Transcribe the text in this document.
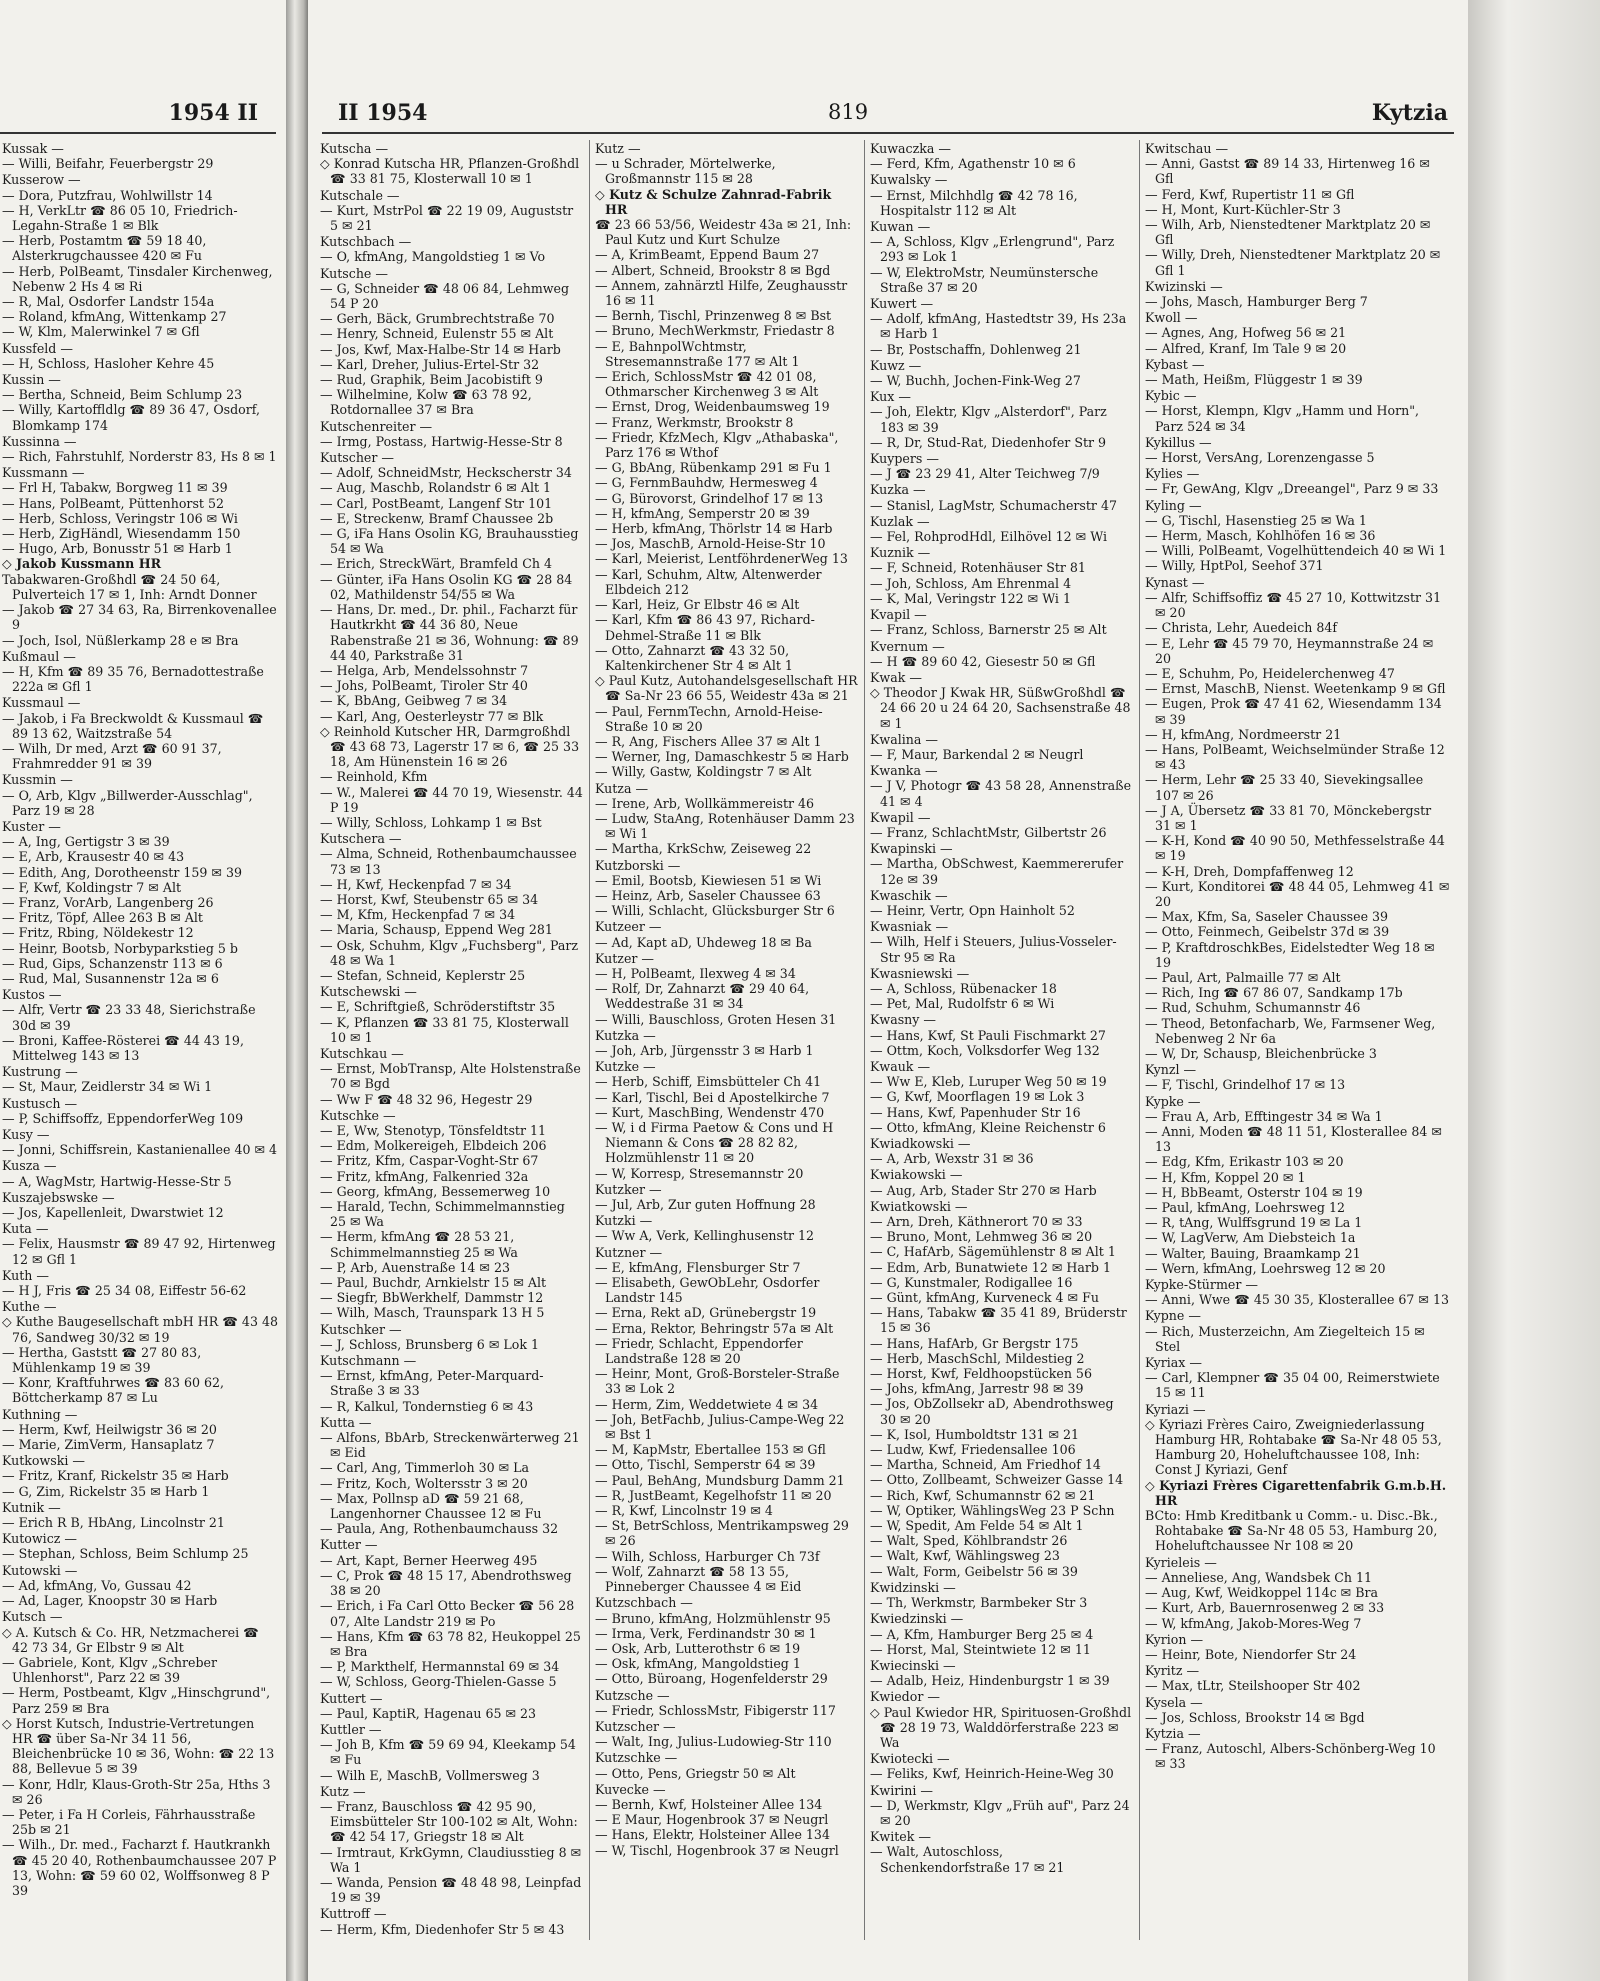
1954 II

Kussak —

— Willi, Beifahr, Feuerbergstr 29

Kusserow —

— Dora, Putzfrau, Wohlwillstr 14

— H, VerkLtr ☎ 86 05 10, Friedrich-Legahn-Straße 1 ✉ Blk

— Herb, Postamtm ☎ 59 18 40, Alsterkrugchaussee 420 ✉ Fu

— Herb, PolBeamt, Tinsdaler Kirchenweg, Nebenw 2 Hs 4 ✉ Ri

— R, Mal, Osdorfer Landstr 154a

— Roland, kfmAng, Wittenkamp 27

— W, Klm, Malerwinkel 7 ✉ Gfl

Kussfeld —

— H, Schloss, Hasloher Kehre 45

Kussin —

— Bertha, Schneid, Beim Schlump 23

— Willy, Kartoffldlg ☎ 89 36 47, Osdorf, Blomkamp 174

Kussinna —

— Rich, Fahrstuhlf, Norderstr 83, Hs 8 ✉ 1

Kussmann —

— Frl H, Tabakw, Borgweg 11 ✉ 39

— Hans, PolBeamt, Püttenhorst 52

— Herb, Schloss, Veringstr 106 ✉ Wi

— Herb, ZigHändl, Wiesendamm 150

— Hugo, Arb, Bonusstr 51 ✉ Harb 1

◇ Jakob Kussmann HR

Tabakwaren-Großhdl ☎ 24 50 64, Pulverteich 17 ✉ 1, Inh: Arndt Donner

— Jakob ☎ 27 34 63, Ra, Birrenkovenallee 9

— Joch, Isol, Nüßlerkamp 28 e ✉ Bra

Kußmaul —

— H, Kfm ☎ 89 35 76, Bernadottestraße 222a ✉ Gfl 1

Kussmaul —

— Jakob, i Fa Breckwoldt & Kussmaul ☎ 89 13 62, Waitzstraße 54

— Wilh, Dr med, Arzt ☎ 60 91 37, Frahmredder 91 ✉ 39

Kussmin —

— O, Arb, Klgv „Billwerder-Ausschlag", Parz 19 ✉ 28

Kuster —

— A, Ing, Gertigstr 3 ✉ 39

— E, Arb, Krausestr 40 ✉ 43

— Edith, Ang, Dorotheenstr 159 ✉ 39

— F, Kwf, Koldingstr 7 ✉ Alt

— Franz, VorArb, Langenberg 26

— Fritz, Töpf, Allee 263 B ✉ Alt

— Fritz, Rbing, Nöldekestr 12

— Heinr, Bootsb, Norbyparkstieg 5 b

— Rud, Gips, Schanzenstr 113 ✉ 6

— Rud, Mal, Susannenstr 12a ✉ 6

Kustos —

— Alfr, Vertr ☎ 23 33 48, Sierichstraße 30d ✉ 39

— Broni, Kaffee-Rösterei ☎ 44 43 19, Mittelweg 143 ✉ 13

Kustrung —

— St, Maur, Zeidlerstr 34 ✉ Wi 1

Kustusch —

— P, Schiffsoffz, EppendorferWeg 109

Kusy —

— Jonni, Schiffsrein, Kastanienallee 40 ✉ 4

Kusza —

— A, WagMstr, Hartwig-Hesse-Str 5

Kuszajebswske —

— Jos, Kapellenleit, Dwarstwiet 12

Kuta —

— Felix, Hausmstr ☎ 89 47 92, Hirtenweg 12 ✉ Gfl 1

Kuth —

— H J, Fris ☎ 25 34 08, Eiffestr 56-62

Kuthe —

◇ Kuthe Baugesellschaft mbH HR ☎ 43 48 76, Sandweg 30/32 ✉ 19

— Hertha, Gaststt ☎ 27 80 83, Mühlenkamp 19 ✉ 39

— Konr, Kraftfuhrwes ☎ 83 60 62, Böttcherkamp 87 ✉ Lu

Kuthning —

— Herm, Kwf, Heilwigstr 36 ✉ 20

— Marie, ZimVerm, Hansaplatz 7

Kutkowski —

— Fritz, Kranf, Rickelstr 35 ✉ Harb

— G, Zim, Rickelstr 35 ✉ Harb 1

Kutnik —

— Erich R B, HbAng, Lincolnstr 21

Kutowicz —

— Stephan, Schloss, Beim Schlump 25

Kutowski —

— Ad, kfmAng, Vo, Gussau 42

— Ad, Lager, Knoopstr 30 ✉ Harb

Kutsch —

◇ A. Kutsch & Co. HR, Netzmacherei ☎ 42 73 34, Gr Elbstr 9 ✉ Alt

— Gabriele, Kont, Klgv „Schreber Uhlenhorst", Parz 22 ✉ 39

— Herm, Postbeamt, Klgv „Hinschgrund", Parz 259 ✉ Bra

◇ Horst Kutsch, Industrie-Vertretungen HR ☎ über Sa-Nr 34 11 56, Bleichenbrücke 10 ✉ 36, Wohn: ☎ 22 13 88, Bellevue 5 ✉ 39

— Konr, Hdlr, Klaus-Groth-Str 25a, Hths 3 ✉ 26

— Peter, i Fa H Corleis, Fährhausstraße 25b ✉ 21

— Wilh., Dr. med., Facharzt f. Hautkrankh ☎ 45 20 40, Rothenbaumchaussee 207 P 13, Wohn: ☎ 59 60 02, Wolffsonweg 8 P 39

II 1954	819	Kytzia

Kutscha —

◇ Konrad Kutscha HR, Pflanzen-Großhdl ☎ 33 81 75, Klosterwall 10 ✉ 1

Kutschale —

— Kurt, MstrPol ☎ 22 19 09, Auguststr 5 ✉ 21

Kutschbach —

— O, kfmAng, Mangoldstieg 1 ✉ Vo

Kutsche —

— G, Schneider ☎ 48 06 84, Lehmweg 54 P 20

— Gerh, Bäck, Grumbrechtstraße 70

— Henry, Schneid, Eulenstr 55 ✉ Alt

— Jos, Kwf, Max-Halbe-Str 14 ✉ Harb

— Karl, Dreher, Julius-Ertel-Str 32

— Rud, Graphik, Beim Jacobistift 9

— Wilhelmine, Kolw ☎ 63 78 92, Rotdornallee 37 ✉ Bra

Kutschenreiter —

— Irmg, Postass, Hartwig-Hesse-Str 8

Kutscher —

— Adolf, SchneidMstr, Heckscherstr 34

— Aug, Maschb, Rolandstr 6 ✉ Alt 1

— Carl, PostBeamt, Langenf Str 101

— E, Streckenw, Bramf Chaussee 2b

— G, iFa Hans Osolin KG, Brauhausstieg 54 ✉ Wa

— Erich, StreckWärt, Bramfeld Ch 4

— Günter, iFa Hans Osolin KG ☎ 28 84 02, Mathildenstr 54/55 ✉ Wa

— Hans, Dr. med., Dr. phil., Facharzt für Hautkrkht ☎ 44 36 80, Neue Rabenstraße 21 ✉ 36, Wohnung: ☎ 89 44 40, Parkstraße 31

— Helga, Arb, Mendelssohnstr 7

— Johs, PolBeamt, Tiroler Str 40

— K, BbAng, Geibweg 7 ✉ 34

— Karl, Ang, Oesterleystr 77 ✉ Blk

◇ Reinhold Kutscher HR, Darmgroßhdl ☎ 43 68 73, Lagerstr 17 ✉ 6, ☎ 25 33 18, Am Hünenstein 16 ✉ 26

— Reinhold, Kfm

— W., Malerei ☎ 44 70 19, Wiesenstr. 44 P 19

— Willy, Schloss, Lohkamp 1 ✉ Bst

Kutschera —

— Alma, Schneid, Rothenbaumchaussee 73 ✉ 13

— H, Kwf, Heckenpfad 7 ✉ 34

— Horst, Kwf, Steubenstr 65 ✉ 34

— M, Kfm, Heckenpfad 7 ✉ 34

— Maria, Schausp, Eppend Weg 281

— Osk, Schuhm, Klgv „Fuchsberg", Parz 48 ✉ Wa 1

— Stefan, Schneid, Keplerstr 25

Kutschewski —

— E, Schriftgieß, Schröderstiftstr 35

— K, Pflanzen ☎ 33 81 75, Klosterwall 10 ✉ 1

Kutschkau —

— Ernst, MobTransp, Alte Holstenstraße 70 ✉ Bgd

— Ww F ☎ 48 32 96, Hegestr 29

Kutschke —

— E, Ww, Stenotyp, Tönsfeldtstr 11

— Edm, Molkereigeh, Elbdeich 206

— Fritz, Kfm, Caspar-Voght-Str 67

— Fritz, kfmAng, Falkenried 32a

— Georg, kfmAng, Bessemerweg 10

— Harald, Techn, Schimmelmannstieg 25 ✉ Wa

— Herm, kfmAng ☎ 28 53 21, Schimmelmannstieg 25 ✉ Wa

— P, Arb, Auenstraße 14 ✉ 23

— Paul, Buchdr, Arnkielstr 15 ✉ Alt

— Siegfr, BbWerkhelf, Dammstr 12

— Wilh, Masch, Traunspark 13 H 5

Kutschker —

— J, Schloss, Brunsberg 6 ✉ Lok 1

Kutschmann —

— Ernst, kfmAng, Peter-Marquard-Straße 3 ✉ 33

— R, Kalkul, Tondernstieg 6 ✉ 43

Kutta —

— Alfons, BbArb, Streckenwärterweg 21 ✉ Eid

— Carl, Ang, Timmerloh 30 ✉ La

— Fritz, Koch, Woltersstr 3 ✉ 20

— Max, Pollnsp aD ☎ 59 21 68, Langenhorner Chaussee 12 ✉ Fu

— Paula, Ang, Rothenbaumchauss 32

Kutter —

— Art, Kapt, Berner Heerweg 495

— C, Prok ☎ 48 15 17, Abendrothsweg 38 ✉ 20

— Erich, i Fa Carl Otto Becker ☎ 56 28 07, Alte Landstr 219 ✉ Po

— Hans, Kfm ☎ 63 78 82, Heukoppel 25 ✉ Bra

— P, Markthelf, Hermannstal 69 ✉ 34

— W, Schloss, Georg-Thielen-Gasse 5

Kuttert —

— Paul, KaptiR, Hagenau 65 ✉ 23

Kuttler —

— Joh B, Kfm ☎ 59 69 94, Kleekamp 54 ✉ Fu

— Wilh E, MaschB, Vollmersweg 3

Kutz —

— Franz, Bauschloss ☎ 42 95 90, Eimsbütteler Str 100-102 ✉ Alt, Wohn: ☎ 42 54 17, Griegstr 18 ✉ Alt

— Irmtraut, KrkGymn, Claudiusstieg 8 ✉ Wa 1

— Wanda, Pension ☎ 48 48 98, Leinpfad 19 ✉ 39

Kuttroff —

— Herm, Kfm, Diedenhofer Str 5 ✉ 43

Kutz —

— u Schrader, Mörtelwerke, Großmannstr 115 ✉ 28

◇ Kutz & Schulze Zahnrad-Fabrik HR

☎ 23 66 53/56, Weidestr 43a ✉ 21, Inh: Paul Kutz und Kurt Schulze

— A, KrimBeamt, Eppend Baum 27

— Albert, Schneid, Brookstr 8 ✉ Bgd

— Annem, zahnärztl Hilfe, Zeughausstr 16 ✉ 11

— Bernh, Tischl, Prinzenweg 8 ✉ Bst

— Bruno, MechWerkmstr, Friedastr 8

— E, BahnpolWchtmstr, Stresemannstraße 177 ✉ Alt 1

— Erich, SchlossMstr ☎ 42 01 08, Othmarscher Kirchenweg 3 ✉ Alt

— Ernst, Drog, Weidenbaumsweg 19

— Franz, Werkmstr, Brookstr 8

— Friedr, KfzMech, Klgv „Athabaska", Parz 176 ✉ Wthof

— G, BbAng, Rübenkamp 291 ✉ Fu 1

— G, FernmBauhdw, Hermesweg 4

— G, Bürovorst, Grindelhof 17 ✉ 13

— H, kfmAng, Semperstr 20 ✉ 39

— Herb, kfmAng, Thörlstr 14 ✉ Harb

— Jos, MaschB, Arnold-Heise-Str 10

— Karl, Meierist, LentföhrdenerWeg 13

— Karl, Schuhm, Altw, Altenwerder Elbdeich 212

— Karl, Heiz, Gr Elbstr 46 ✉ Alt

— Karl, Kfm ☎ 86 43 97, Richard-Dehmel-Straße 11 ✉ Blk

— Otto, Zahnarzt ☎ 43 32 50, Kaltenkirchener Str 4 ✉ Alt 1

◇ Paul Kutz, Autohandelsgesellschaft HR ☎ Sa-Nr 23 66 55, Weidestr 43a ✉ 21

— Paul, FernmTechn, Arnold-Heise-Straße 10 ✉ 20

— R, Ang, Fischers Allee 37 ✉ Alt 1

— Werner, Ing, Damaschkestr 5 ✉ Harb

— Willy, Gastw, Koldingstr 7 ✉ Alt

Kutza —

— Irene, Arb, Wollkämmereistr 46

— Ludw, StaAng, Rotenhäuser Damm 23 ✉ Wi 1

— Martha, KrkSchw, Zeiseweg 22

Kutzborski —

— Emil, Bootsb, Kiewiesen 51 ✉ Wi

— Heinz, Arb, Saseler Chaussee 63

— Willi, Schlacht, Glücksburger Str 6

Kutzeer —

— Ad, Kapt aD, Uhdeweg 18 ✉ Ba

Kutzer —

— H, PolBeamt, Ilexweg 4 ✉ 34

— Rolf, Dr, Zahnarzt ☎ 29 40 64, Weddestraße 31 ✉ 34

— Willi, Bauschloss, Groten Hesen 31

Kutzka —

— Joh, Arb, Jürgensstr 3 ✉ Harb 1

Kutzke —

— Herb, Schiff, Eimsbütteler Ch 41

— Karl, Tischl, Bei d Apostelkirche 7

— Kurt, MaschBing, Wendenstr 470

— W, i d Firma Paetow & Cons und H Niemann & Cons ☎ 28 82 82, Holzmühlenstr 11 ✉ 20

— W, Korresp, Stresemannstr 20

Kutzker —

— Jul, Arb, Zur guten Hoffnung 28

Kutzki —

— Ww A, Verk, Kellinghusenstr 12

Kutzner —

— E, kfmAng, Flensburger Str 7

— Elisabeth, GewObLehr, Osdorfer Landstr 145

— Erna, Rekt aD, Grünebergstr 19

— Erna, Rektor, Behringstr 57a ✉ Alt

— Friedr, Schlacht, Eppendorfer Landstraße 128 ✉ 20

— Heinr, Mont, Groß-Borsteler-Straße 33 ✉ Lok 2

— Herm, Zim, Weddetwiete 4 ✉ 34

— Joh, BetFachb, Julius-Campe-Weg 22 ✉ Bst 1

— M, KapMstr, Ebertallee 153 ✉ Gfl

— Otto, Tischl, Semperstr 64 ✉ 39

— Paul, BehAng, Mundsburg Damm 21

— R, JustBeamt, Kegelhofstr 11 ✉ 20

— R, Kwf, Lincolnstr 19 ✉ 4

— St, BetrSchloss, Mentrikampsweg 29 ✉ 26

— Wilh, Schloss, Harburger Ch 73f

— Wolf, Zahnarzt ☎ 58 13 55, Pinneberger Chaussee 4 ✉ Eid

Kutzschbach —

— Bruno, kfmAng, Holzmühlenstr 95

— Irma, Verk, Ferdinandstr 30 ✉ 1

— Osk, Arb, Lutterothstr 6 ✉ 19

— Osk, kfmAng, Mangoldstieg 1

— Otto, Büroang, Hogenfelderstr 29

Kutzsche —

— Friedr, SchlossMstr, Fibigerstr 117

Kutzscher —

— Walt, Ing, Julius-Ludowieg-Str 110

Kutzschke —

— Otto, Pens, Griegstr 50 ✉ Alt

Kuvecke —

— Bernh, Kwf, Holsteiner Allee 134

— E Maur, Hogenbrook 37 ✉ Neugrl

— Hans, Elektr, Holsteiner Allee 134

— W, Tischl, Hogenbrook 37 ✉ Neugrl

Kuwaczka —

— Ferd, Kfm, Agathenstr 10 ✉ 6

Kuwalsky —

— Ernst, Milchhdlg ☎ 42 78 16, Hospitalstr 112 ✉ Alt

Kuwan —

— A, Schloss, Klgv „Erlengrund", Parz 293 ✉ Lok 1

— W, ElektroMstr, Neumünstersche Straße 37 ✉ 20

Kuwert —

— Adolf, kfmAng, Hastedtstr 39, Hs 23a ✉ Harb 1

— Br, Postschaffn, Dohlenweg 21

Kuwz —

— W, Buchh, Jochen-Fink-Weg 27

Kux —

— Joh, Elektr, Klgv „Alsterdorf", Parz 183 ✉ 39

— R, Dr, Stud-Rat, Diedenhofer Str 9

Kuypers —

— J ☎ 23 29 41, Alter Teichweg 7/9

Kuzka —

— Stanisl, LagMstr, Schumacherstr 47

Kuzlak —

— Fel, RohprodHdl, Eilhövel 12 ✉ Wi

Kuznik —

— F, Schneid, Rotenhäuser Str 81

— Joh, Schloss, Am Ehrenmal 4

— K, Mal, Veringstr 122 ✉ Wi 1

Kvapil —

— Franz, Schloss, Barnerstr 25 ✉ Alt

Kvernum —

— H ☎ 89 60 42, Giesestr 50 ✉ Gfl

Kwak —

◇ Theodor J Kwak HR, SüßwGroßhdl ☎ 24 66 20 u 24 64 20, Sachsenstraße 48 ✉ 1

Kwalina —

— F, Maur, Barkendal 2 ✉ Neugrl

Kwanka —

— J V, Photogr ☎ 43 58 28, Annenstraße 41 ✉ 4

Kwapil —

— Franz, SchlachtMstr, Gilbertstr 26

Kwapinski —

— Martha, ObSchwest, Kaemmererufer 12e ✉ 39

Kwaschik —

— Heinr, Vertr, Opn Hainholt 52

Kwasniak —

— Wilh, Helf i Steuers, Julius-Vosseler-Str 95 ✉ Ra

Kwasniewski —

— A, Schloss, Rübenacker 18

— Pet, Mal, Rudolfstr 6 ✉ Wi

Kwasny —

— Hans, Kwf, St Pauli Fischmarkt 27

— Ottm, Koch, Volksdorfer Weg 132

Kwauk —

— Ww E, Kleb, Luruper Weg 50 ✉ 19

— G, Kwf, Moorflagen 19 ✉ Lok 3

— Hans, Kwf, Papenhuder Str 16

— Otto, kfmAng, Kleine Reichenstr 6

Kwiadkowski —

— A, Arb, Wexstr 31 ✉ 36

Kwiakowski —

— Aug, Arb, Stader Str 270 ✉ Harb

Kwiatkowski —

— Arn, Dreh, Käthnerort 70 ✉ 33

— Bruno, Mont, Lehmweg 36 ✉ 20

— C, HafArb, Sägemühlenstr 8 ✉ Alt 1

— Edm, Arb, Bunatwiete 12 ✉ Harb 1

— G, Kunstmaler, Rodigallee 16

— Günt, kfmAng, Kurveneck 4 ✉ Fu

— Hans, Tabakw ☎ 35 41 89, Brüderstr 15 ✉ 36

— Hans, HafArb, Gr Bergstr 175

— Herb, MaschSchl, Mildestieg 2

— Horst, Kwf, Feldhoopstücken 56

— Johs, kfmAng, Jarrestr 98 ✉ 39

— Jos, ObZollsekr aD, Abendrothsweg 30 ✉ 20

— K, Isol, Humboldtstr 131 ✉ 21

— Ludw, Kwf, Friedensallee 106

— Martha, Schneid, Am Friedhof 14

— Otto, Zollbeamt, Schweizer Gasse 14

— Rich, Kwf, Schumannstr 62 ✉ 21

— W, Optiker, WählingsWeg 23 P Schn

— W, Spedit, Am Felde 54 ✉ Alt 1

— Walt, Sped, Köhlbrandstr 26

— Walt, Kwf, Wählingsweg 23

— Walt, Form, Geibelstr 56 ✉ 39

Kwidzinski —

— Th, Werkmstr, Barmbeker Str 3

Kwiedzinski —

— A, Kfm, Hamburger Berg 25 ✉ 4

— Horst, Mal, Steintwiete 12 ✉ 11

Kwiecinski —

— Adalb, Heiz, Hindenburgstr 1 ✉ 39

Kwiedor —

◇ Paul Kwiedor HR, Spirituosen-Großhdl ☎ 28 19 73, Walddörferstraße 223 ✉ Wa

Kwiotecki —

— Feliks, Kwf, Heinrich-Heine-Weg 30

Kwirini —

— D, Werkmstr, Klgv „Früh auf", Parz 24 ✉ 20

Kwitek —

— Walt, Autoschloss, Schenkendorfstraße 17 ✉ 21

Kwitschau —

— Anni, Gastst ☎ 89 14 33, Hirtenweg 16 ✉ Gfl

— Ferd, Kwf, Rupertistr 11 ✉ Gfl

— H, Mont, Kurt-Küchler-Str 3

— Wilh, Arb, Nienstedtener Marktplatz 20 ✉ Gfl

— Willy, Dreh, Nienstedtener Marktplatz 20 ✉ Gfl 1

Kwizinski —

— Johs, Masch, Hamburger Berg 7

Kwoll —

— Agnes, Ang, Hofweg 56 ✉ 21

— Alfred, Kranf, Im Tale 9 ✉ 20

Kybast —

— Math, Heißm, Flüggestr 1 ✉ 39

Kybic —

— Horst, Klempn, Klgv „Hamm und Horn", Parz 524 ✉ 34

Kykillus —

— Horst, VersAng, Lorenzengasse 5

Kylies —

— Fr, GewAng, Klgv „Dreeangel", Parz 9 ✉ 33

Kyling —

— G, Tischl, Hasenstieg 25 ✉ Wa 1

— Herm, Masch, Kohlhöfen 16 ✉ 36

— Willi, PolBeamt, Vogelhüttendeich 40 ✉ Wi 1

— Willy, HptPol, Seehof 371

Kynast —

— Alfr, Schiffsoffiz ☎ 45 27 10, Kottwitzstr 31 ✉ 20

— Christa, Lehr, Auedeich 84f

— E, Lehr ☎ 45 79 70, Heymannstraße 24 ✉ 20

— E, Schuhm, Po, Heidelerchenweg 47

— Ernst, MaschB, Nienst. Weetenkamp 9 ✉ Gfl

— Eugen, Prok ☎ 47 41 62, Wiesendamm 134 ✉ 39

— H, kfmAng, Nordmeerstr 21

— Hans, PolBeamt, Weichselmünder Straße 12 ✉ 43

— Herm, Lehr ☎ 25 33 40, Sievekingsallee 107 ✉ 26

— J A, Übersetz ☎ 33 81 70, Mönckebergstr 31 ✉ 1

— K-H, Kond ☎ 40 90 50, Methfesselstraße 44 ✉ 19

— K-H, Dreh, Dompfaffenweg 12

— Kurt, Konditorei ☎ 48 44 05, Lehmweg 41 ✉ 20

— Max, Kfm, Sa, Saseler Chaussee 39

— Otto, Feinmech, Geibelstr 37d ✉ 39

— P, KraftdroschkBes, Eidelstedter Weg 18 ✉ 19

— Paul, Art, Palmaille 77 ✉ Alt

— Rich, Ing ☎ 67 86 07, Sandkamp 17b

— Rud, Schuhm, Schumannstr 46

— Theod, Betonfacharb, We, Farmsener Weg, Nebenweg 2 Nr 6a

— W, Dr, Schausp, Bleichenbrücke 3

Kynzl —

— F, Tischl, Grindelhof 17 ✉ 13

Kypke —

— Frau A, Arb, Efftingestr 34 ✉ Wa 1

— Anni, Moden ☎ 48 11 51, Klosterallee 84 ✉ 13

— Edg, Kfm, Erikastr 103 ✉ 20

— H, Kfm, Koppel 20 ✉ 1

— H, BbBeamt, Osterstr 104 ✉ 19

— Paul, kfmAng, Loehrsweg 12

— R, tAng, Wulffsgrund 19 ✉ La 1

— W, LagVerw, Am Diebsteich 1a

— Walter, Bauing, Braamkamp 21

— Wern, kfmAng, Loehrsweg 12 ✉ 20

Kypke-Stürmer —

— Anni, Wwe ☎ 45 30 35, Klosterallee 67 ✉ 13

Kypne —

— Rich, Musterzeichn, Am Ziegelteich 15 ✉ Stel

Kyriax —

— Carl, Klempner ☎ 35 04 00, Reimerstwiete 15 ✉ 11

Kyriazi —

◇ Kyriazi Frères Cairo, Zweigniederlassung Hamburg HR, Rohtabake ☎ Sa-Nr 48 05 53, Hamburg 20, Hoheluftchaussee 108, Inh: Const J Kyriazi, Genf

◇ Kyriazi Frères Cigarettenfabrik G.m.b.H. HR

BCto: Hmb Kreditbank u Comm.- u. Disc.-Bk., Rohtabake ☎ Sa-Nr 48 05 53, Hamburg 20, Hoheluftchaussee Nr 108 ✉ 20

Kyrieleis —

— Anneliese, Ang, Wandsbek Ch 11

— Aug, Kwf, Weidkoppel 114c ✉ Bra

— Kurt, Arb, Bauernrosenweg 2 ✉ 33

— W, kfmAng, Jakob-Mores-Weg 7

Kyrion —

— Heinr, Bote, Niendorfer Str 24

Kyritz —

— Max, tLtr, Steilshooper Str 402

Kysela —

— Jos, Schloss, Brookstr 14 ✉ Bgd

Kytzia —

— Franz, Autoschl, Albers-Schönberg-Weg 10 ✉ 33
